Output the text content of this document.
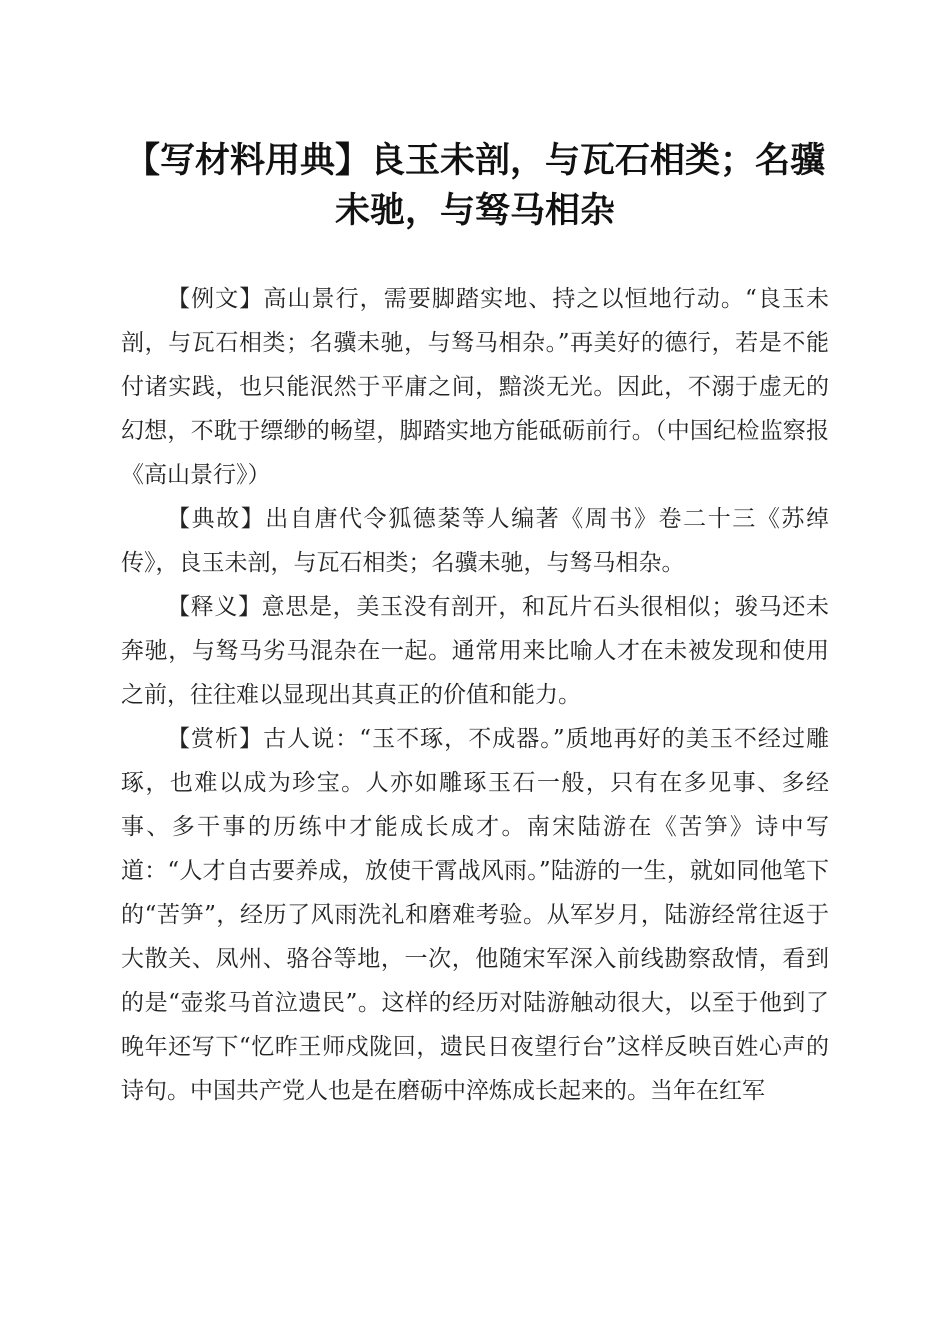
【写材料用典】良玉未剖，与瓦石相类；名骥未驰，与驽马相杂

【例文】高山景行，需要脚踏实地、持之以恒地行动。“良玉未剖，与瓦石相类；名骥未驰，与驽马相杂。”再美好的德行，若是不能付诸实践，也只能泯然于平庸之间，黯淡无光。因此，不溺于虚无的幻想，不耽于缥缈的畅望，脚踏实地方能砥砺前行。（中国纪检监察报《高山景行》）

【典故】出自唐代令狐德棻等人编著《周书》卷二十三《苏绰传》，良玉未剖，与瓦石相类；名骥未驰，与驽马相杂。

【释义】意思是，美玉没有剖开，和瓦片石头很相似；骏马还未奔驰，与驽马劣马混杂在一起。通常用来比喻人才在未被发现和使用之前，往往难以显现出其真正的价值和能力。

【赏析】古人说：“玉不琢，不成器。”质地再好的美玉不经过雕琢，也难以成为珍宝。人亦如雕琢玉石一般，只有在多见事、多经事、多干事的历练中才能成长成才。南宋陆游在《苦笋》诗中写道：“人才自古要养成，放使干霄战风雨。”陆游的一生，就如同他笔下的“苦笋”，经历了风雨洗礼和磨难考验。从军岁月，陆游经常往返于大散关、凤州、骆谷等地，一次，他随宋军深入前线勘察敌情，看到的是“壶浆马首泣遗民”。这样的经历对陆游触动很大，以至于他到了晚年还写下“忆昨王师戍陇回，遗民日夜望行台”这样反映百姓心声的诗句。中国共产党人也是在磨砺中淬炼成长起来的。当年在红军
